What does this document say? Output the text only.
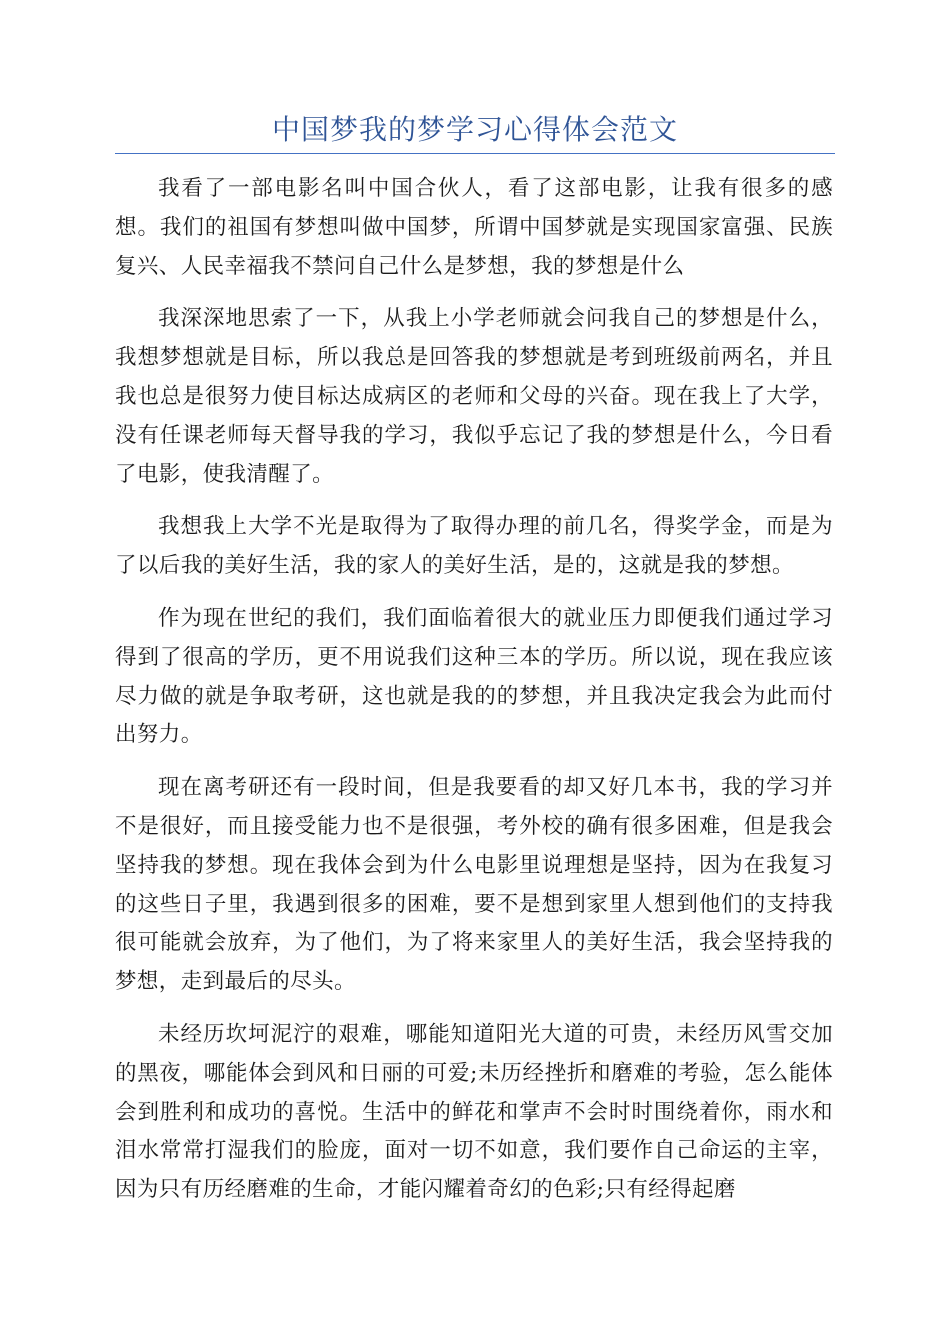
中国梦我的梦学习心得体会范文

我看了一部电影名叫中国合伙人，看了这部电影，让我有很多的感想。我们的祖国有梦想叫做中国梦，所谓中国梦就是实现国家富强、民族复兴、人民幸福我不禁问自己什么是梦想，我的梦想是什么

我深深地思索了一下，从我上小学老师就会问我自己的梦想是什么，我想梦想就是目标，所以我总是回答我的梦想就是考到班级前两名，并且我也总是很努力使目标达成病区的老师和父母的兴奋。现在我上了大学，没有任课老师每天督导我的学习，我似乎忘记了我的梦想是什么，今日看了电影，使我清醒了。

我想我上大学不光是取得为了取得办理的前几名，得奖学金，而是为了以后我的美好生活，我的家人的美好生活，是的，这就是我的梦想。

作为现在世纪的我们，我们面临着很大的就业压力即便我们通过学习得到了很高的学历，更不用说我们这种三本的学历。所以说，现在我应该尽力做的就是争取考研，这也就是我的的梦想，并且我决定我会为此而付出努力。

现在离考研还有一段时间，但是我要看的却又好几本书，我的学习并不是很好，而且接受能力也不是很强，考外校的确有很多困难，但是我会坚持我的梦想。现在我体会到为什么电影里说理想是坚持，因为在我复习的这些日子里，我遇到很多的困难，要不是想到家里人想到他们的支持我很可能就会放弃，为了他们，为了将来家里人的美好生活，我会坚持我的梦想，走到最后的尽头。

未经历坎坷泥泞的艰难，哪能知道阳光大道的可贵，未经历风雪交加的黑夜，哪能体会到风和日丽的可爱;未历经挫折和磨难的考验，怎么能体会到胜利和成功的喜悦。生活中的鲜花和掌声不会时时围绕着你，雨水和泪水常常打湿我们的脸庞，面对一切不如意，我们要作自己命运的主宰，因为只有历经磨难的生命，才能闪耀着奇幻的色彩;只有经得起磨
